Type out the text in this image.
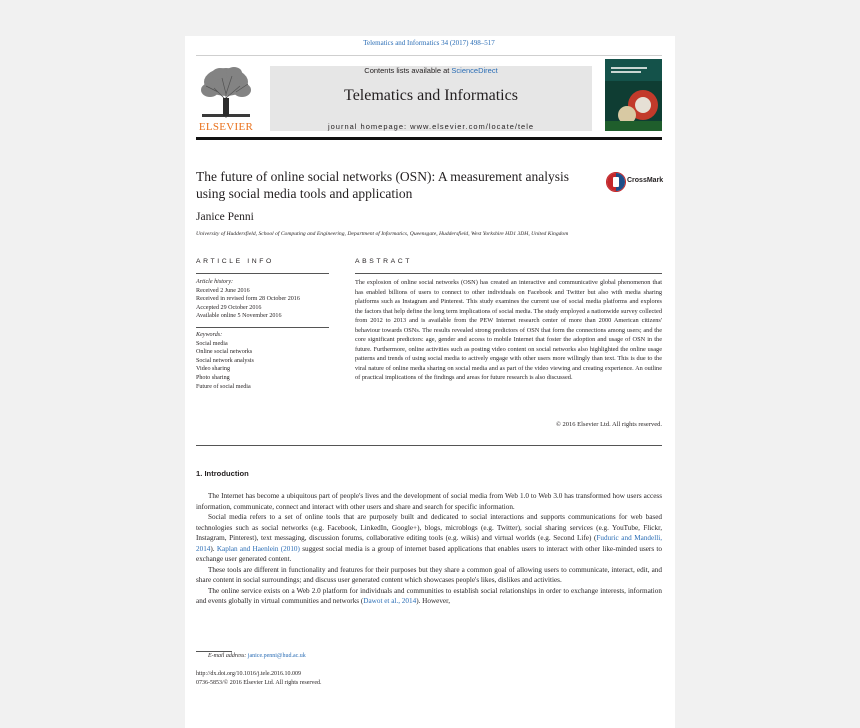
Telematics and Informatics 34 (2017) 498–517
ELSEVIER
Contents lists available at ScienceDirect
Telematics and Informatics
journal homepage: www.elsevier.com/locate/tele
The future of online social networks (OSN): A measurement analysis using social media tools and application
CrossMark
Janice Penni
University of Huddersfield, School of Computing and Engineering, Department of Informatics, Queensgate, Huddersfield, West Yorkshire HD1 3DH, United Kingdom
ARTICLE INFO
Article history:
Received 2 June 2016
Received in revised form 28 October 2016
Accepted 29 October 2016
Available online 5 November 2016
Keywords:
Social media
Online social networks
Social network analysis
Video sharing
Photo sharing
Future of social media
ABSTRACT
The explosion of online social networks (OSN) has created an interactive and communicative global phenomenon that has enabled billions of users to connect to other individuals on Facebook and Twitter but also with media sharing platforms such as Instagram and Pinterest. This study examines the current use of social media platforms and explores the factors that help define the long term implications of social media. The study employed a nationwide survey collected from 2012 to 2013 and is available from the PEW Internet research center of more than 2000 American citizens' behaviour towards OSNs. The results revealed strong predictors of OSN that form the connections among users; and the core significant predictors: age, gender and access to mobile Internet that foster the adoption and usage of OSN in the future. Furthermore, online activities such as posting video content on social networks also highlighted the online usage patterns and trends of using social media to actively engage with other users more willingly than text. This is due to the viral nature of online media sharing on social media and as part of the video viewing and creating experience. An outline of practical implications of the findings and areas for future research is also discussed.
© 2016 Elsevier Ltd. All rights reserved.
1. Introduction
The Internet has become a ubiquitous part of people's lives and the development of social media from Web 1.0 to Web 3.0 has transformed how users access information, communicate, connect and interact with other users and share and search for specific information.
Social media refers to a set of online tools that are purposely built and dedicated to social interactions and supports communications for web based technologies such as social networks (e.g. Facebook, LinkedIn, Google+), blogs, microblogs (e.g. Twitter), social sharing services (e.g. YouTube, Flickr, Instagram, Pinterest), text messaging, discussion forums, collaborative editing tools (e.g. wikis) and virtual worlds (e.g. Second Life) (Fuduric and Mandelli, 2014). Kaplan and Haenlein (2010) suggest social media is a group of internet based applications that enables users to interact with other like-minded users to exchange user generated content.
These tools are different in functionality and features for their purposes but they share a common goal of allowing users to communicate, interact, edit, and share content in social surroundings; and discuss user generated content which showcases people's likes, dislikes and activities.
The online service exists on a Web 2.0 platform for individuals and communities to establish social relationships in order to exchange interests, information and events globally in virtual communities and networks (Dawot et al., 2014). However,
E-mail address: janice.penni@hud.ac.uk
http://dx.doi.org/10.1016/j.tele.2016.10.009
0736-5853/© 2016 Elsevier Ltd. All rights reserved.
